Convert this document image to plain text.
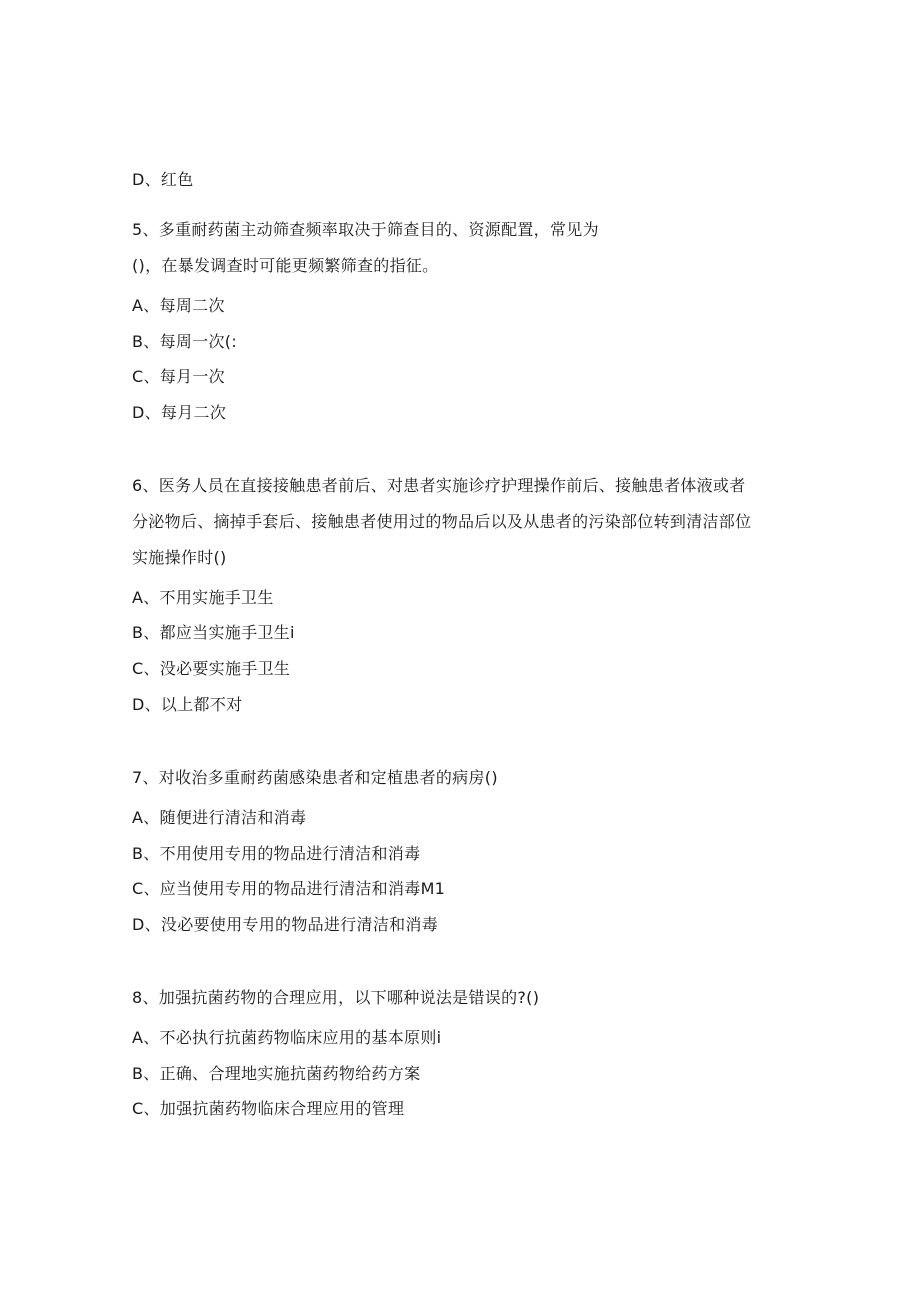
D、红色
5、多重耐药菌主动筛查频率取决于筛查目的、资源配置，常见为
()，在暴发调查时可能更频繁筛查的指征。
A、每周二次
B、每周一次(:
C、每月一次
D、每月二次
6、医务人员在直接接触患者前后、对患者实施诊疗护理操作前后、接触患者体液或者
分泌物后、摘掉手套后、接触患者使用过的物品后以及从患者的污染部位转到清洁部位
实施操作时()
A、不用实施手卫生
B、都应当实施手卫生i
C、没必要实施手卫生
D、以上都不对
7、对收治多重耐药菌感染患者和定植患者的病房()
A、随便进行清洁和消毒
B、不用使用专用的物品进行清洁和消毒
C、应当使用专用的物品进行清洁和消毒M1
D、没必要使用专用的物品进行清洁和消毒
8、加强抗菌药物的合理应用，以下哪种说法是错误的?()
A、不必执行抗菌药物临床应用的基本原则i
B、正确、合理地实施抗菌药物给药方案
C、加强抗菌药物临床合理应用的管理
